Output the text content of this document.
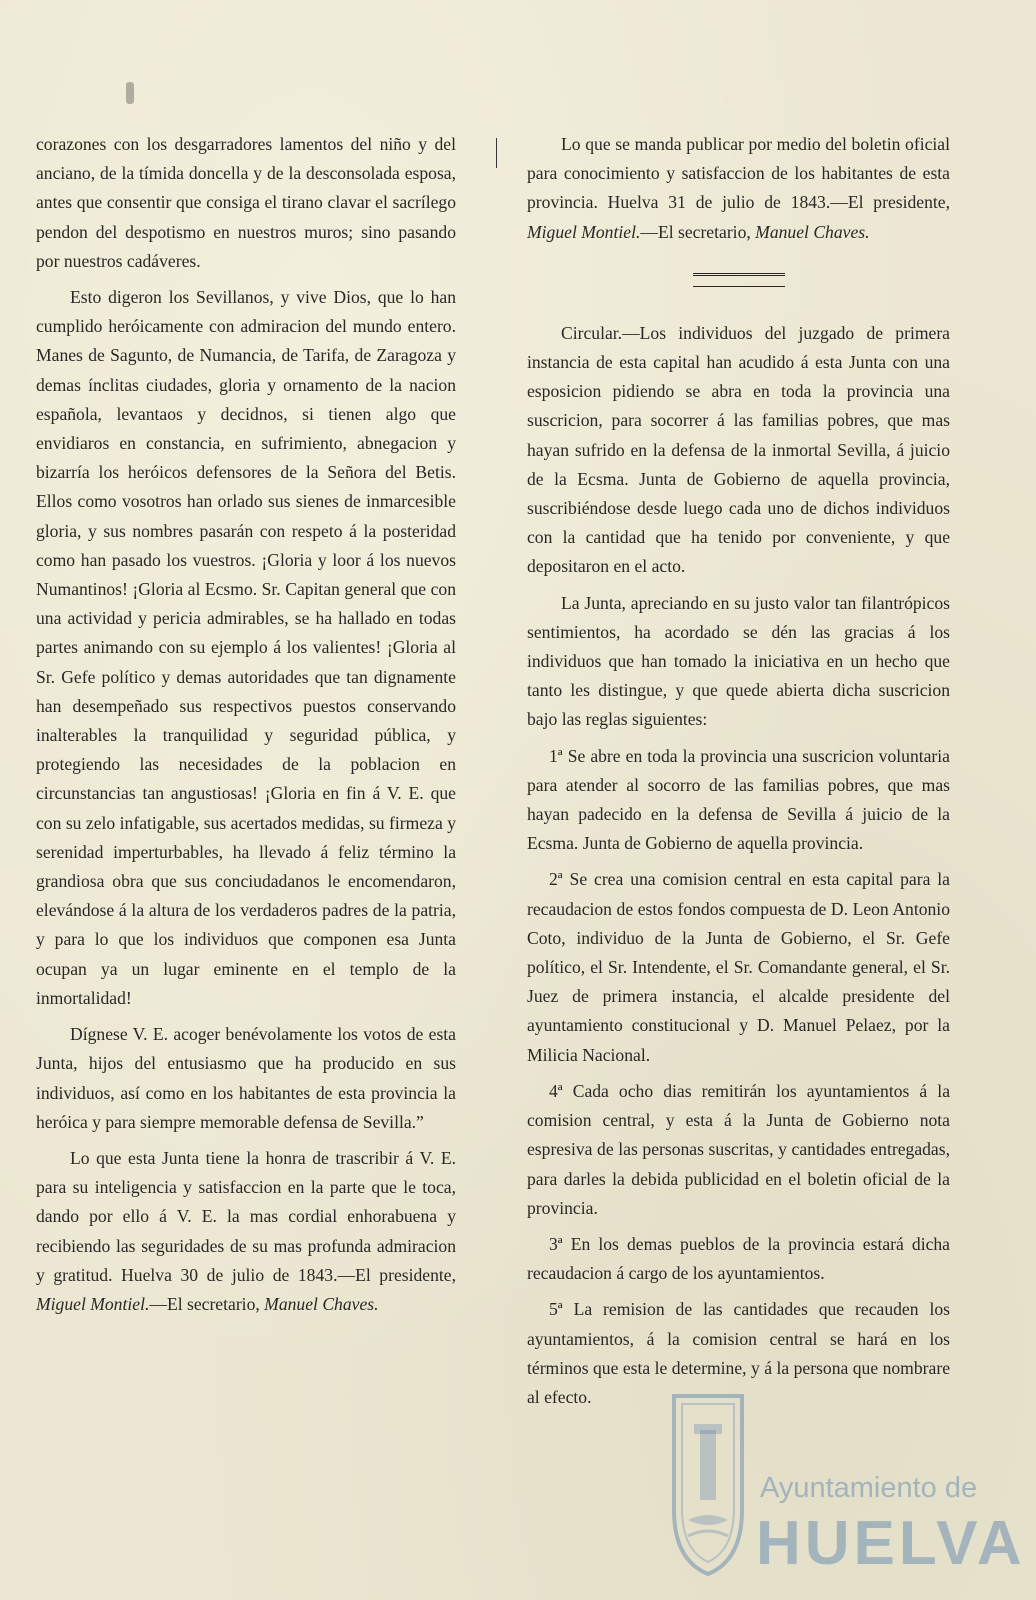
corazones con los desgarradores lamentos del niño y del anciano, de la tímida doncella y de la desconsolada esposa, antes que consentir que consiga el tirano clavar el sacrílego pendon del despotismo en nuestros muros; sino pasando por nuestros cadáveres.

Esto digeron los Sevillanos, y vive Dios, que lo han cumplido heróicamente con admiracion del mundo entero. Manes de Sagunto, de Numancia, de Tarifa, de Zaragoza y demas ínclitas ciudades, gloria y ornamento de la nacion española, levantaos y decidnos, si tienen algo que envidiaros en constancia, en sufrimiento, abnegacion y bizarría los heróicos defensores de la Señora del Betis. Ellos como vosotros han orlado sus sienes de inmarcesible gloria, y sus nombres pasarán con respeto á la posteridad como han pasado los vuestros. ¡Gloria y loor á los nuevos Numantinos! ¡Gloria al Ecsmo. Sr. Capitan general que con una actividad y pericia admirables, se ha hallado en todas partes animando con su ejemplo á los valientes! ¡Gloria al Sr. Gefe político y demas autoridades que tan dignamente han desempeñado sus respectivos puestos conservando inalterables la tranquilidad y seguridad pública, y protegiendo las necesidades de la poblacion en circunstancias tan angustiosas! ¡Gloria en fin á V. E. que con su zelo infatigable, sus acertados medidas, su firmeza y serenidad imperturbables, ha llevado á feliz término la grandiosa obra que sus conciudadanos le encomendaron, elevándose á la altura de los verdaderos padres de la patria, y para lo que los individuos que componen esa Junta ocupan ya un lugar eminente en el templo de la inmortalidad!

Dígnese V. E. acoger benévolamente los votos de esta Junta, hijos del entusiasmo que ha producido en sus individuos, así como en los habitantes de esta provincia la heróica y para siempre memorable defensa de Sevilla.”

Lo que esta Junta tiene la honra de trascribir á V. E. para su inteligencia y satisfaccion en la parte que le toca, dando por ello á V. E. la mas cordial enhorabuena y recibiendo las seguridades de su mas profunda admiracion y gratitud. Huelva 30 de julio de 1843.—El presidente, Miguel Montiel.—El secretario, Manuel Chaves.

Lo que se manda publicar por medio del boletin oficial para conocimiento y satisfaccion de los habitantes de esta provincia. Huelva 31 de julio de 1843.—El presidente, Miguel Montiel.—El secretario, Manuel Chaves.

Circular.—Los individuos del juzgado de primera instancia de esta capital han acudido á esta Junta con una esposicion pidiendo se abra en toda la provincia una suscricion, para socorrer á las familias pobres, que mas hayan sufrido en la defensa de la inmortal Sevilla, á juicio de la Ecsma. Junta de Gobierno de aquella provincia, suscribiéndose desde luego cada uno de dichos individuos con la cantidad que ha tenido por conveniente, y que depositaron en el acto.

La Junta, apreciando en su justo valor tan filantrópicos sentimientos, ha acordado se dén las gracias á los individuos que han tomado la iniciativa en un hecho que tanto les distingue, y que quede abierta dicha suscricion bajo las reglas siguientes:

1ª Se abre en toda la provincia una suscricion voluntaria para atender al socorro de las familias pobres, que mas hayan padecido en la defensa de Sevilla á juicio de la Ecsma. Junta de Gobierno de aquella provincia.

2ª Se crea una comision central en esta capital para la recaudacion de estos fondos compuesta de D. Leon Antonio Coto, individuo de la Junta de Gobierno, el Sr. Gefe político, el Sr. Intendente, el Sr. Comandante general, el Sr. Juez de primera instancia, el alcalde presidente del ayuntamiento constitucional y D. Manuel Pelaez, por la Milicia Nacional.

4ª Cada ocho dias remitirán los ayuntamientos á la comision central, y esta á la Junta de Gobierno nota espresiva de las personas suscritas, y cantidades entregadas, para darles la debida publicidad en el boletin oficial de la provincia.

3ª En los demas pueblos de la provincia estará dicha recaudacion á cargo de los ayuntamientos.

5ª La remision de las cantidades que recauden los ayuntamientos, á la comision central se hará en los términos que esta le determine, y á la persona que nombrare al efecto.

Ayuntamiento de
HUELVA
